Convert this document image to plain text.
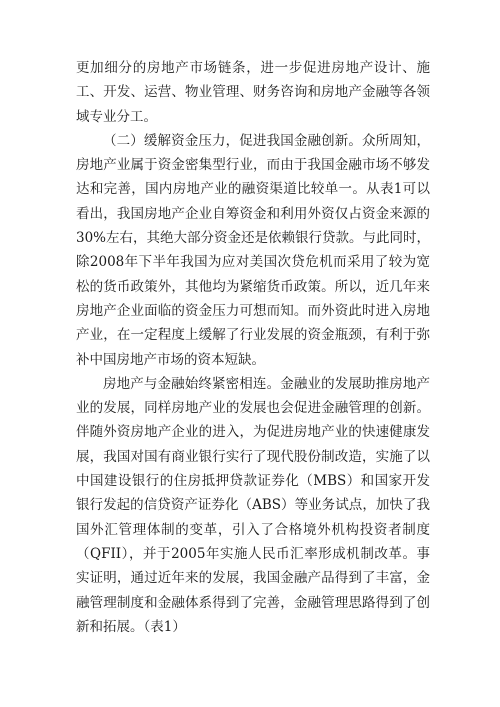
更加细分的房地产市场链条，进一步促进房地产设计、施工、开发、运营、物业管理、财务咨询和房地产金融等各领域专业分工。

（二）缓解资金压力，促进我国金融创新。众所周知，房地产业属于资金密集型行业，而由于我国金融市场不够发达和完善，国内房地产业的融资渠道比较单一。从表1可以看出，我国房地产企业自筹资金和利用外资仅占资金来源的30%左右，其绝大部分资金还是依赖银行贷款。与此同时，除2008年下半年我国为应对美国次贷危机而采用了较为宽松的货币政策外，其他均为紧缩货币政策。所以，近几年来房地产企业面临的资金压力可想而知。而外资此时进入房地产业，在一定程度上缓解了行业发展的资金瓶颈，有利于弥补中国房地产市场的资本短缺。

房地产与金融始终紧密相连。金融业的发展助推房地产业的发展，同样房地产业的发展也会促进金融管理的创新。伴随外资房地产企业的进入，为促进房地产业的快速健康发展，我国对国有商业银行实行了现代股份制改造，实施了以中国建设银行的住房抵押贷款证券化（MBS）和国家开发银行发起的信贷资产证券化（ABS）等业务试点，加快了我国外汇管理体制的变革，引入了合格境外机构投资者制度（QFII），并于2005年实施人民币汇率形成机制改革。事实证明，通过近年来的发展，我国金融产品得到了丰富，金融管理制度和金融体系得到了完善，金融管理思路得到了创新和拓展。（表1）
